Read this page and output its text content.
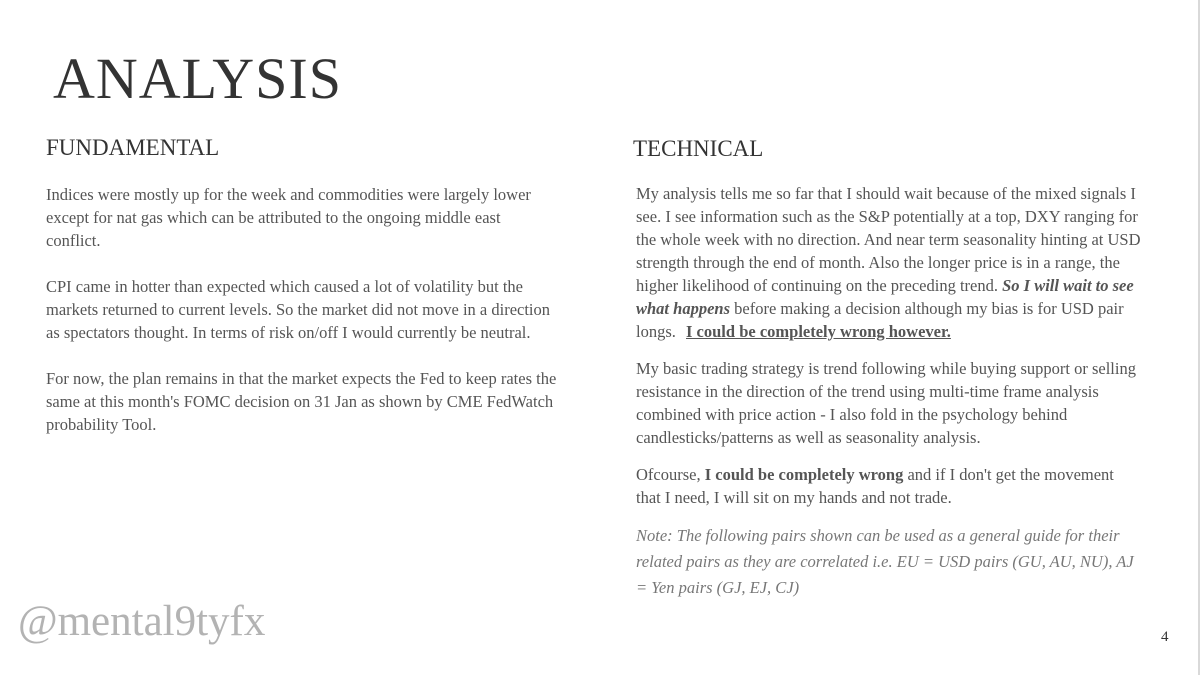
ANALYSIS
FUNDAMENTAL	TECHNICAL

Indices were mostly up for the week and commodities were largely lower except for nat gas which can be attributed to the ongoing middle east conflict.

CPI came in hotter than expected which caused a lot of volatility but the markets returned to current levels. So the market did not move in a direction as spectators thought. In terms of risk on/off I would currently be neutral.

For now, the plan remains in that the market expects the Fed to keep rates the same at this month's FOMC decision on 31 Jan as shown by CME FedWatch probability Tool.

My analysis tells me so far that I should wait because of the mixed signals I see. I see information such as the S&P potentially at a top, DXY ranging for the whole week with no direction. And near term seasonality hinting at USD strength through the end of month. Also the longer price is in a range, the higher likelihood of continuing on the preceding trend. So I will wait to see what happens before making a decision although my bias is for USD pair longs. I could be completely wrong however.

My basic trading strategy is trend following while buying support or selling resistance in the direction of the trend using multi-time frame analysis combined with price action - I also fold in the psychology behind candlesticks/patterns as well as seasonality analysis.

Ofcourse, I could be completely wrong and if I don't get the movement that I need, I will sit on my hands and not trade.

Note: The following pairs shown can be used as a general guide for their related pairs as they are correlated i.e. EU = USD pairs (GU, AU, NU), AJ = Yen pairs (GJ, EJ, CJ)

@mental9tyfx	4
